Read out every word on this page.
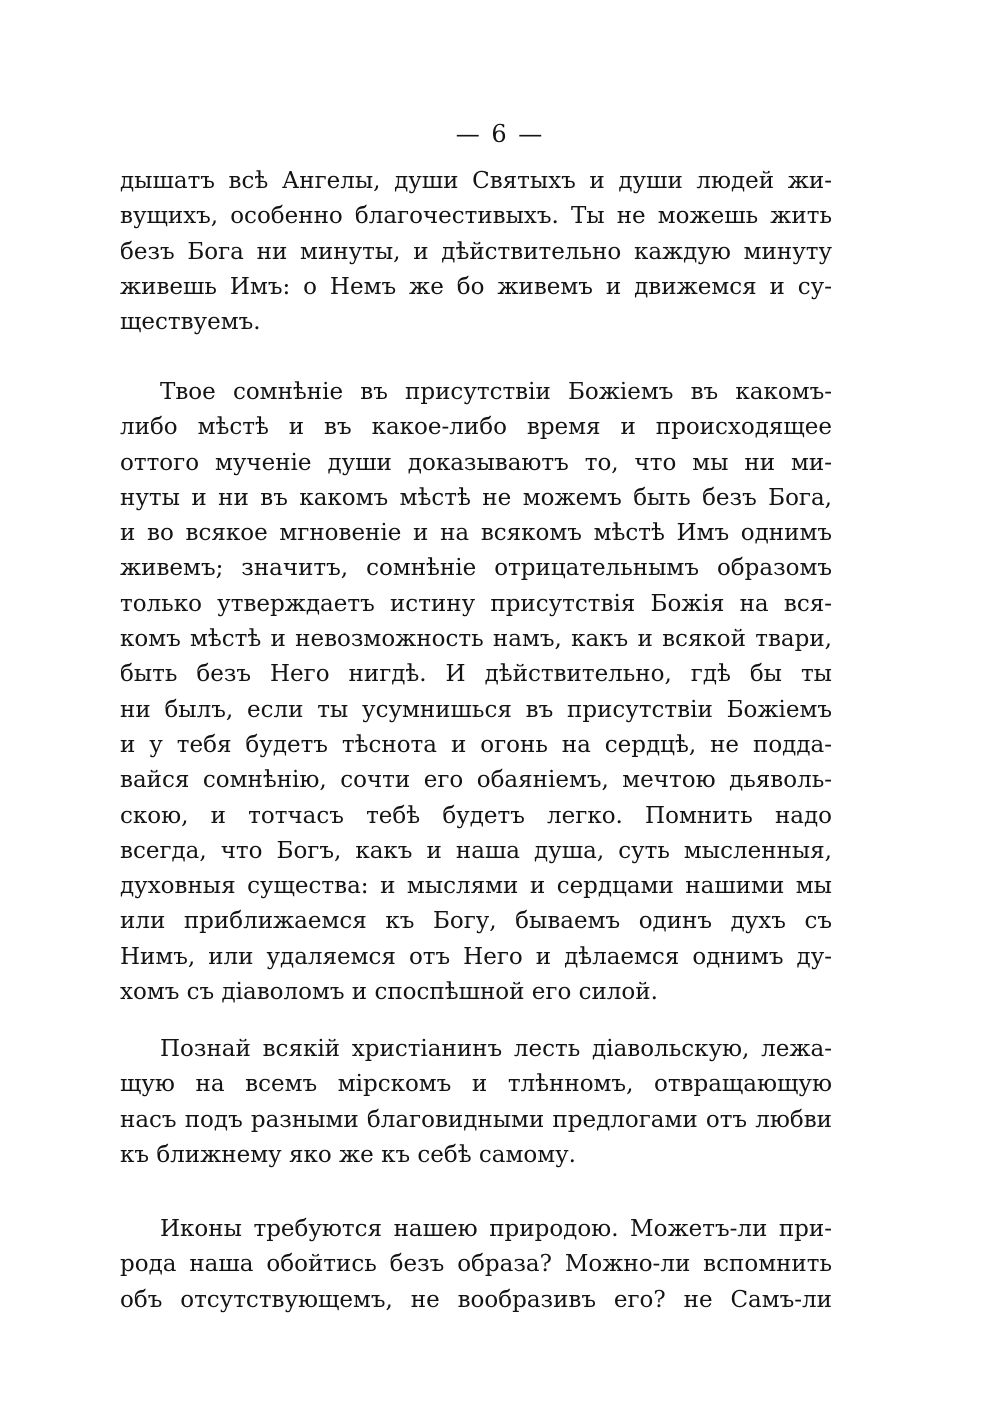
— 6 —
дышатъ всѣ Ангелы, души Святыхъ и души людей жи-
вущихъ, особенно благочестивыхъ. Ты не можешь жить
безъ Бога ни минуты, и дѣйствительно каждую минуту
живешь Имъ: о Немъ же бо живемъ и движемся и су-
ществуемъ.
Твое сомнѣніе въ присутствіи Божіемъ въ какомъ-
либо мѣстѣ и въ какое-либо время и происходящее
оттого мученіе души доказываютъ то, что мы ни ми-
нуты и ни въ какомъ мѣстѣ не можемъ быть безъ Бога,
и во всякое мгновеніе и на всякомъ мѣстѣ Имъ однимъ
живемъ; значитъ, сомнѣніе отрицательнымъ образомъ
только утверждаетъ истину присутствія Божія на вся-
комъ мѣстѣ и невозможность намъ, какъ и всякой твари,
быть безъ Него нигдѣ. И дѣйствительно, гдѣ бы ты
ни былъ, если ты усумнишься въ присутствіи Божіемъ
и у тебя будетъ тѣснота и огонь на сердцѣ, не подда-
вайся сомнѣнію, сочти его обаяніемъ, мечтою дьяволь-
скою, и тотчасъ тебѣ будетъ легко. Помнить надо
всегда, что Богъ, какъ и наша душа, суть мысленныя,
духовныя существа: и мыслями и сердцами нашими мы
или приближаемся къ Богу, бываемъ одинъ духъ съ
Нимъ, или удаляемся отъ Него и дѣлаемся однимъ ду-
хомъ съ діаволомъ и споспѣшной его силой.
Познай всякій христіанинъ лесть діавольскую, лежа-
щую на всемъ мірскомъ и тлѣнномъ, отвращающую
насъ подъ разными благовидными предлогами отъ любви
къ ближнему яко же къ себѣ самому.
Иконы требуются нашею природою. Можетъ-ли при-
рода наша обойтись безъ образа? Можно-ли вспомнить
объ отсутствующемъ, не вообразивъ его? не Самъ-ли
